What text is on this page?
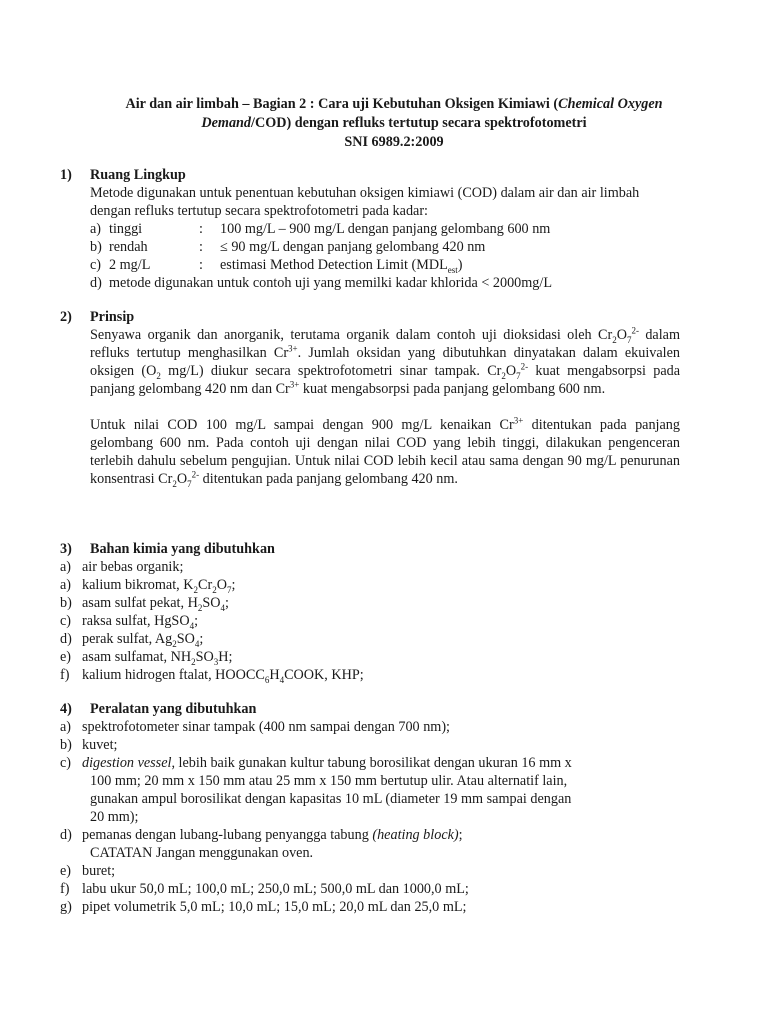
Air dan air limbah – Bagian 2 : Cara uji Kebutuhan Oksigen Kimiawi (Chemical Oxygen
Demand/COD) dengan refluks tertutup secara spektrofotometri
SNI 6989.2:2009
1)	Ruang Lingkup
Metode digunakan untuk penentuan kebutuhan oksigen kimiawi (COD) dalam air dan air limbah dengan refluks tertutup secara spektrofotometri pada kadar:
a) tinggi	:	100 mg/L – 900 mg/L dengan panjang gelombang 600 nm
b) rendah	:	≤ 90 mg/L dengan panjang gelombang 420 nm
c) 2 mg/L	:	estimasi Method Detection Limit $(MDL_{est})$
d) metode digunakan untuk contoh uji yang memilki kadar khlorida < 2000mg/L
2)	Prinsip
Senyawa organik dan anorganik, terutama organik dalam contoh uji dioksidasi oleh $Cr_2O_7^{2-}$ dalam refluks tertutup menghasilkan $Cr^{3+}$. Jumlah oksidan yang dibutuhkan dinyatakan dalam ekuivalen oksigen ($O_2$ mg/L) diukur secara spektrofotometri sinar tampak. $Cr_2O_7^{2-}$ kuat mengabsorpsi pada panjang gelombang 420 nm dan $Cr^{3+}$ kuat mengabsorpsi pada panjang gelombang 600 nm.
Untuk nilai COD 100 mg/L sampai dengan 900 mg/L kenaikan $Cr^{3+}$ ditentukan pada panjang gelombang 600 nm. Pada contoh uji dengan nilai COD yang lebih tinggi, dilakukan pengenceran terlebih dahulu sebelum pengujian. Untuk nilai COD lebih kecil atau sama dengan 90 mg/L penurunan konsentrasi $Cr_2O_7^{2-}$ ditentukan pada panjang gelombang 420 nm.
3)	Bahan kimia yang dibutuhkan
a) air bebas organik;
a) kalium bikromat, $K_2Cr_2O_7$;
b) asam sulfat pekat, $H_2SO_4$;
c) raksa sulfat, HgSO$_4$;
d) perak sulfat, $Ag_2SO_4$;
e) asam sulfamat, $NH_2SO_3H$;
f) kalium hidrogen ftalat, $HOOCC_6H_4COOK$, KHP;
4)	Peralatan yang dibutuhkan
a) spektrofotometer sinar tampak (400 nm sampai dengan 700 nm);
b) kuvet;
c) digestion vessel, lebih baik gunakan kultur tabung borosilikat dengan ukuran 16 mm x
100 mm; 20 mm x 150 mm atau 25 mm x 150 mm bertutup ulir. Atau alternatif lain,
gunakan ampul borosilikat dengan kapasitas 10 mL (diameter 19 mm sampai dengan
20 mm);
d) pemanas dengan lubang-lubang penyangga tabung (heating block);
CATATAN Jangan menggunakan oven.
e) buret;
f) labu ukur 50,0 mL; 100,0 mL; 250,0 mL; 500,0 mL dan 1000,0 mL;
g) pipet volumetrik 5,0 mL; 10,0 mL; 15,0 mL; 20,0 mL dan 25,0 mL;
